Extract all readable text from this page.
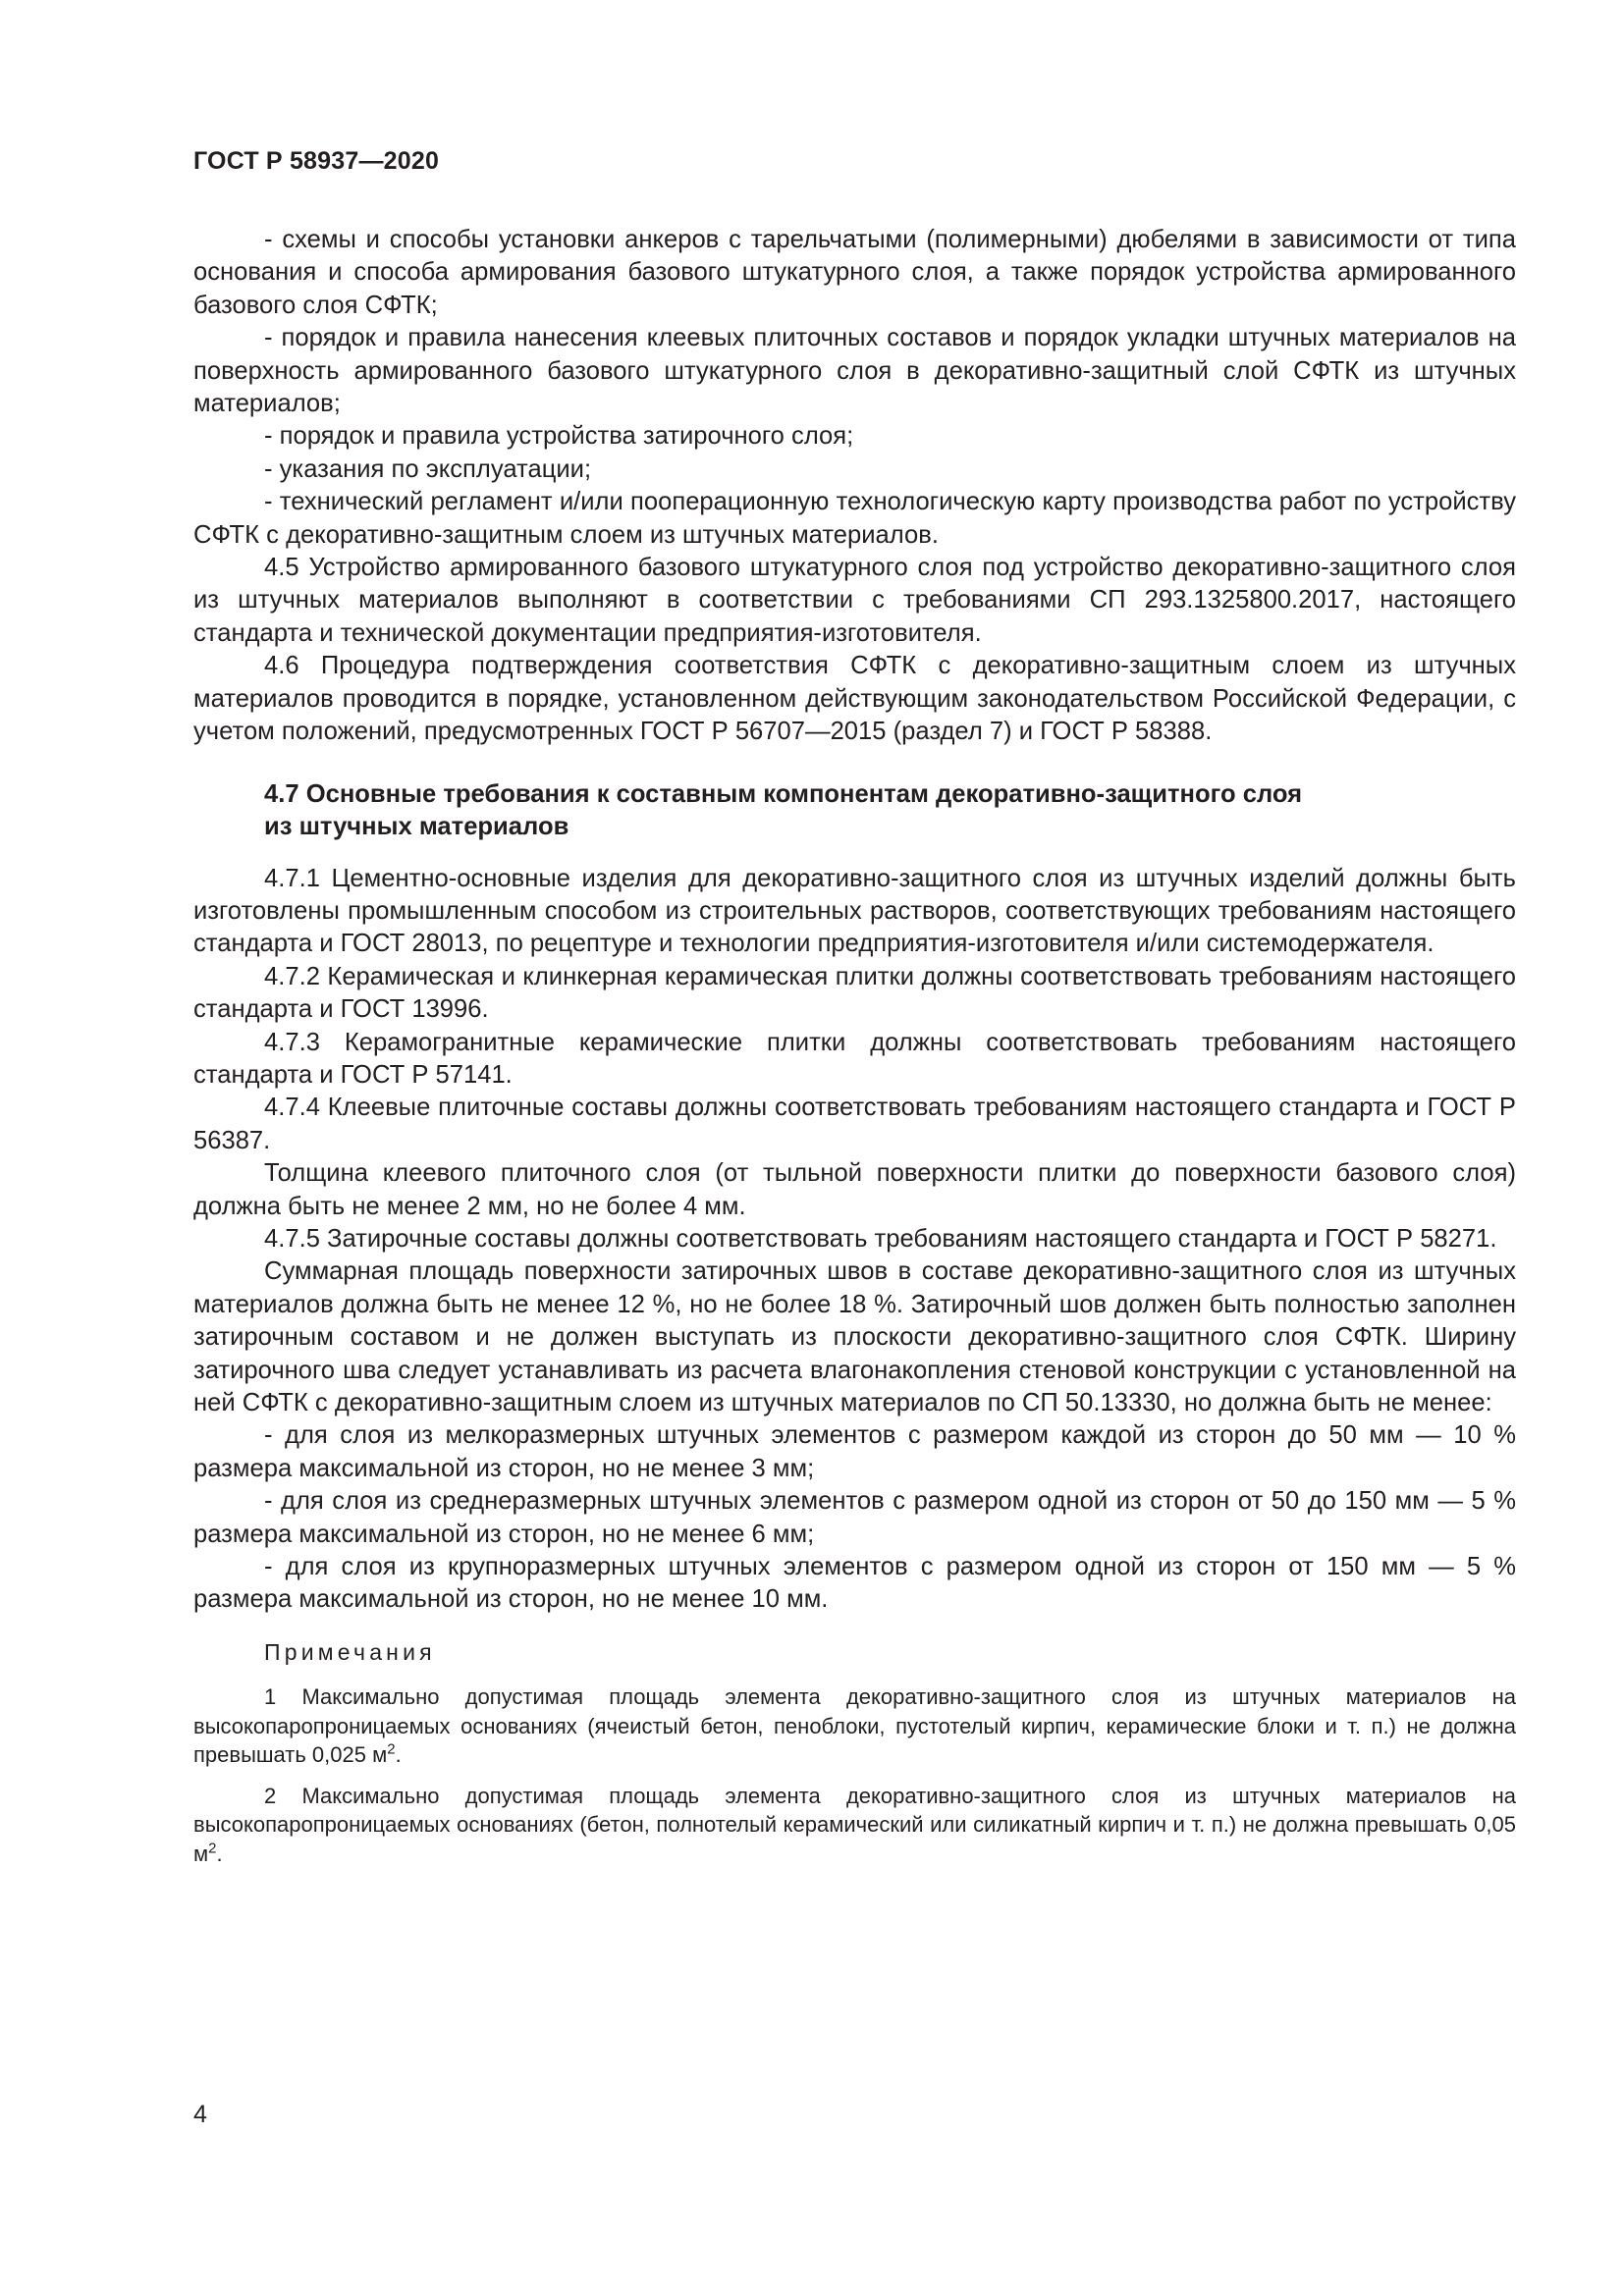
ГОСТ Р 58937—2020

- схемы и способы установки анкеров с тарельчатыми (полимерными) дюбелями в зависимости от типа основания и способа армирования базового штукатурного слоя, а также порядок устройства армированного базового слоя СФТК;

- порядок и правила нанесения клеевых плиточных составов и порядок укладки штучных материалов на поверхность армированного базового штукатурного слоя в декоративно-защитный слой СФТК из штучных материалов;

- порядок и правила устройства затирочного слоя;

- указания по эксплуатации;

- технический регламент и/или пооперационную технологическую карту производства работ по устройству СФТК с декоративно-защитным слоем из штучных материалов.

4.5 Устройство армированного базового штукатурного слоя под устройство декоративно-защитного слоя из штучных материалов выполняют в соответствии с требованиями СП 293.1325800.2017, настоящего стандарта и технической документации предприятия-изготовителя.

4.6 Процедура подтверждения соответствия СФТК с декоративно-защитным слоем из штучных материалов проводится в порядке, установленном действующим законодательством Российской Федерации, с учетом положений, предусмотренных ГОСТ Р 56707—2015 (раздел 7) и ГОСТ Р 58388.

4.7 Основные требования к составным компонентам декоративно-защитного слоя
из штучных материалов

4.7.1 Цементно-основные изделия для декоративно-защитного слоя из штучных изделий должны быть изготовлены промышленным способом из строительных растворов, соответствующих требованиям настоящего стандарта и ГОСТ 28013, по рецептуре и технологии предприятия-изготовителя и/или системодержателя.

4.7.2 Керамическая и клинкерная керамическая плитки должны соответствовать требованиям настоящего стандарта и ГОСТ 13996.

4.7.3 Керамогранитные керамические плитки должны соответствовать требованиям настоящего стандарта и ГОСТ Р 57141.

4.7.4 Клеевые плиточные составы должны соответствовать требованиям настоящего стандарта и ГОСТ Р 56387.

Толщина клеевого плиточного слоя (от тыльной поверхности плитки до поверхности базового слоя) должна быть не менее 2 мм, но не более 4 мм.

4.7.5 Затирочные составы должны соответствовать требованиям настоящего стандарта и ГОСТ Р 58271.

Суммарная площадь поверхности затирочных швов в составе декоративно-защитного слоя из штучных материалов должна быть не менее 12 %, но не более 18 %. Затирочный шов должен быть полностью заполнен затирочным составом и не должен выступать из плоскости декоративно-защитного слоя СФТК. Ширину затирочного шва следует устанавливать из расчета влагонакопления стеновой конструкции с установленной на ней СФТК с декоративно-защитным слоем из штучных материалов по СП 50.13330, но должна быть не менее:

- для слоя из мелкоразмерных штучных элементов с размером каждой из сторон до 50 мм — 10 % размера максимальной из сторон, но не менее 3 мм;

- для слоя из среднеразмерных штучных элементов с размером одной из сторон от 50 до 150 мм — 5 % размера максимальной из сторон, но не менее 6 мм;

- для слоя из крупноразмерных штучных элементов с размером одной из сторон от 150 мм — 5 % размера максимальной из сторон, но не менее 10 мм.

Примечания

1 Максимально допустимая площадь элемента декоративно-защитного слоя из штучных материалов на высокопаропроницаемых основаниях (ячеистый бетон, пеноблоки, пустотелый кирпич, керамические блоки и т. п.) не должна превышать 0,025 $м^2$.

2 Максимально допустимая площадь элемента декоративно-защитного слоя из штучных материалов на высокопаропроницаемых основаниях (бетон, полнотелый керамический или силикатный кирпич и т. п.) не должна превышать 0,05 $м^2$.

4
